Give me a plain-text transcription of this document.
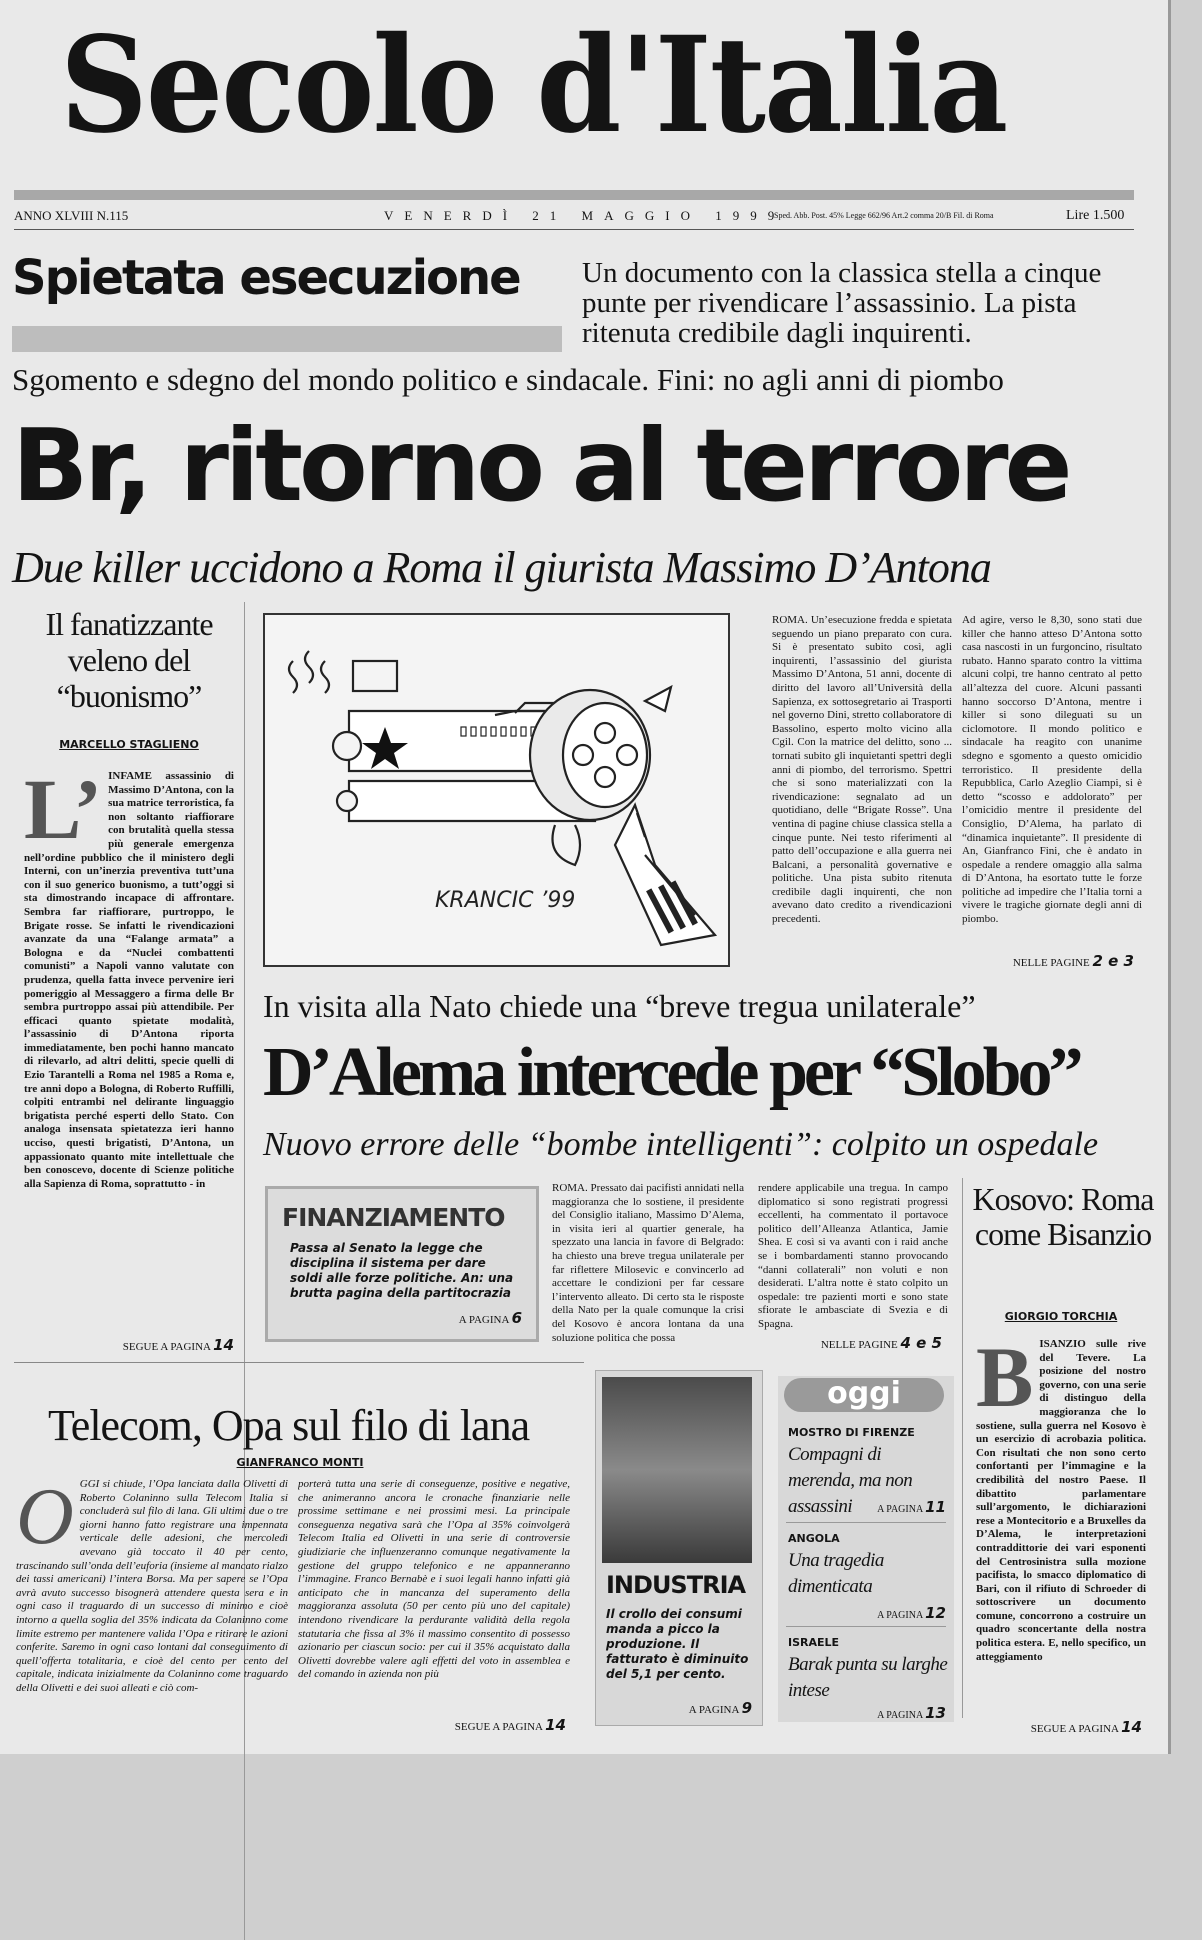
Secolo d'Italia
ANNO XLVIII N.115	VENERDÌ 21 MAGGIO 1999
Sped. Abb. Post. 45% Legge 662/96 Art.2 comma 20/B Fil. di Roma	Lire 1.500
Spietata esecuzione Un documento con la classica stella a cinque punte per rivendicare l’assassinio. La pista ritenuta credibile dagli inquirenti.
Sgomento e sdegno del mondo politico e sindacale. Fini: no agli anni di piombo
Br, ritorno al terrore
Due killer uccidono a Roma il giurista Massimo D’Antona
Il fanatizzante veleno del “buonismo”
MARCELLO STAGLIENO
L’ INFAME assassinio di Massimo D’Antona, con la sua matrice terroristica, fa non soltanto riaffiorare con brutalità quella stessa più generale emergenza nell’ordine pubblico che il ministero degli Interni, con un’inerzia preventiva tutt’una con il suo generico buonismo, a tutt’oggi si sta dimostrando incapace di affrontare. Sembra far riaffiorare, purtroppo, le Brigate rosse. Se infatti le rivendicazioni avanzate da una “Falange armata” a Bologna e da “Nuclei combattenti comunisti” a Napoli vanno valutate con prudenza, quella fatta invece pervenire ieri pomeriggio al Messaggero a firma delle Br sembra purtroppo assai più attendibile. Per efficaci quanto spietate modalità, l’assassinio di D’Antona riporta immediatamente, ben pochi hanno mancato di rilevarlo, ad altri delitti, specie quelli di Ezio Tarantelli a Roma nel 1985 a Roma e, tre anni dopo a Bologna, di Roberto Ruffilli, colpiti entrambi nel delirante linguaggio brigatista perché esperti dello Stato. Con analoga insensata spietatezza ieri hanno ucciso, questi brigatisti, D’Antona, un appassionato quanto mite intellettuale che ben conoscevo, docente di Scienze politiche alla Sapienza di Roma, soprattutto - in
SEGUE A PAGINA 14
KRANCIC ’99
ROMA. Un’esecuzione fredda e spietata seguendo un piano preparato con cura. Si è presentato subito così, agli inquirenti, l’assassinio del giurista Massimo D’Antona, 51 anni, docente di diritto del lavoro all’Università della Sapienza, ex sottosegretario ai Trasporti nel governo Dini, stretto collaboratore di Bassolino, esperto molto vicino alla Cgil. Con la matrice del delitto, sono ... tornati subito gli inquietanti spettri degli anni di piombo, del terrorismo. Spettri che si sono materializzati con la rivendicazione: segnalato ad un quotidiano, delle “Brigate Rosse”. Una ventina di pagine chiuse classica stella a cinque punte. Nei testo riferimenti al patto dell’occupazione e alla guerra nei Balcani, a personalità governative e politiche. Una pista subito ritenuta credibile dagli inquirenti, che non avevano dato credito a rivendicazioni precedenti.
Ad agire, verso le 8,30, sono stati due killer che hanno atteso D’Antona sotto casa nascosti in un furgoncino, risultato rubato. Hanno sparato contro la vittima alcuni colpi, tre hanno centrato al petto all’altezza del cuore. Alcuni passanti hanno soccorso D’Antona, mentre i killer si sono dileguati su un ciclomotore. Il mondo politico e sindacale ha reagito con unanime sdegno e sgomento a questo omicidio terroristico. Il presidente della Repubblica, Carlo Azeglio Ciampi, si è detto “scosso e addolorato” per l’omicidio mentre il presidente del Consiglio, D’Alema, ha parlato di “dinamica inquietante”. Il presidente di An, Gianfranco Fini, che è andato in ospedale a rendere omaggio alla salma di D’Antona, ha esortato tutte le forze politiche ad impedire che l’Italia torni a vivere le tragiche giornate degli anni di piombo.
NELLE PAGINE 2 e 3
In visita alla Nato chiede una “breve tregua unilaterale”
D’Alema intercede per “Slobo”
Nuovo errore delle “bombe intelligenti”: colpito un ospedale
FINANZIAMENTO
Passa al Senato la legge che disciplina il sistema per dare soldi alle forze politiche. An: una brutta pagina della partitocrazia
A PAGINA 6
ROMA. Pressato dai pacifisti annidati nella maggioranza che lo sostiene, il presidente del Consiglio italiano, Massimo D’Alema, in visita ieri al quartier generale, ha spezzato una lancia in favore di Belgrado: ha chiesto una breve tregua unilaterale per far riflettere Milosevic e convincerlo ad accettare le condizioni per far cessare l’intervento alleato. Di certo sta le risposte della Nato per la quale comunque la crisi del Kosovo è ancora lontana da una soluzione politica che possa
rendere applicabile una tregua. In campo diplomatico si sono registrati progressi eccellenti, ha commentato il portavoce politico dell’Alleanza Atlantica, Jamie Shea. E così si va avanti con i raid anche se i bombardamenti stanno provocando “danni collaterali” non voluti e non desiderati. L’altra notte è stato colpito un ospedale: tre pazienti morti e sono state sfiorate le ambasciate di Svezia e di Spagna.
NELLE PAGINE 4 e 5
Kosovo: Roma come Bisanzio
GIORGIO TORCHIA
B ISANZIO sulle rive del Tevere. La posizione del nostro governo, con una serie di distinguo della maggioranza che lo sostiene, sulla guerra nel Kosovo è un esercizio di acrobazia politica. Con risultati che non sono certo confortanti per l’immagine e la credibilità del nostro Paese. Il dibattito parlamentare sull’argomento, le dichiarazioni rese a Montecitorio e a Bruxelles da D’Alema, le interpretazioni contraddittorie dei vari esponenti del Centrosinistra sulla mozione pacifista, lo smacco diplomatico di Bari, con il rifiuto di Schroeder di sottoscrivere un documento comune, concorrono a costruire un quadro sconcertante della nostra politica estera. E, nello specifico, un atteggiamento
SEGUE A PAGINA 14
Telecom, Opa sul filo di lana
GIANFRANCO MONTI
O GGI si chiude, l’Opa lanciata dalla Olivetti di Roberto Colaninno sulla Telecom Italia si concluderà sul filo di lana. Gli ultimi due o tre giorni hanno fatto registrare una impennata verticale delle adesioni, che mercoledì avevano già toccato il 40 per cento, trascinando sull’onda dell’euforia (insieme al mancato rialzo dei tassi americani) l’intera Borsa. Ma per sapere se l’Opa avrà avuto successo bisognerà attendere questa sera e in ogni caso il traguardo di un successo di minimo e cioè intorno a quella soglia del 35% indicata da Colaninno come limite estremo per mantenere valida l’Opa e ritirare le azioni conferite. Saremo in ogni caso lontani dal conseguimento di quell’offerta totalitaria, e cioè del cento per cento del capitale, indicata inizialmente da Colaninno come traguardo della Olivetti e dei suoi alleati e ciò com-
porterà tutta una serie di conseguenze, positive e negative, che animeranno ancora le cronache finanziarie nelle prossime settimane e nei prossimi mesi. La principale conseguenza negativa sarà che l’Opa al 35% coinvolgerà Telecom Italia ed Olivetti in una serie di controversie giudiziarie che influenzeranno comunque negativamente la gestione del gruppo telefonico e ne appanneranno l’immagine. Franco Bernabè e i suoi legali hanno infatti già anticipato che in mancanza del superamento della maggioranza assoluta (50 per cento più uno del capitale) intendono rivendicare la perdurante validità della regola statutaria che fissa al 3% il massimo consentito di possesso azionario per ciascun socio: per cui il 35% acquistato dalla Olivetti dovrebbe valere agli effetti del voto in assemblea e del comando in azienda non più
SEGUE A PAGINA 14
INDUSTRIA
Il crollo dei consumi manda a picco la produzione. Il fatturato è diminuito del 5,1 per cento.
A PAGINA 9
oggi
MOSTRO DI FIRENZE
Compagni di merenda, ma non assassini	A PAGINA 11
ANGOLA
Una tragedia dimenticata
A PAGINA 12
ISRAELE
Barak punta su larghe intese
A PAGINA 13
